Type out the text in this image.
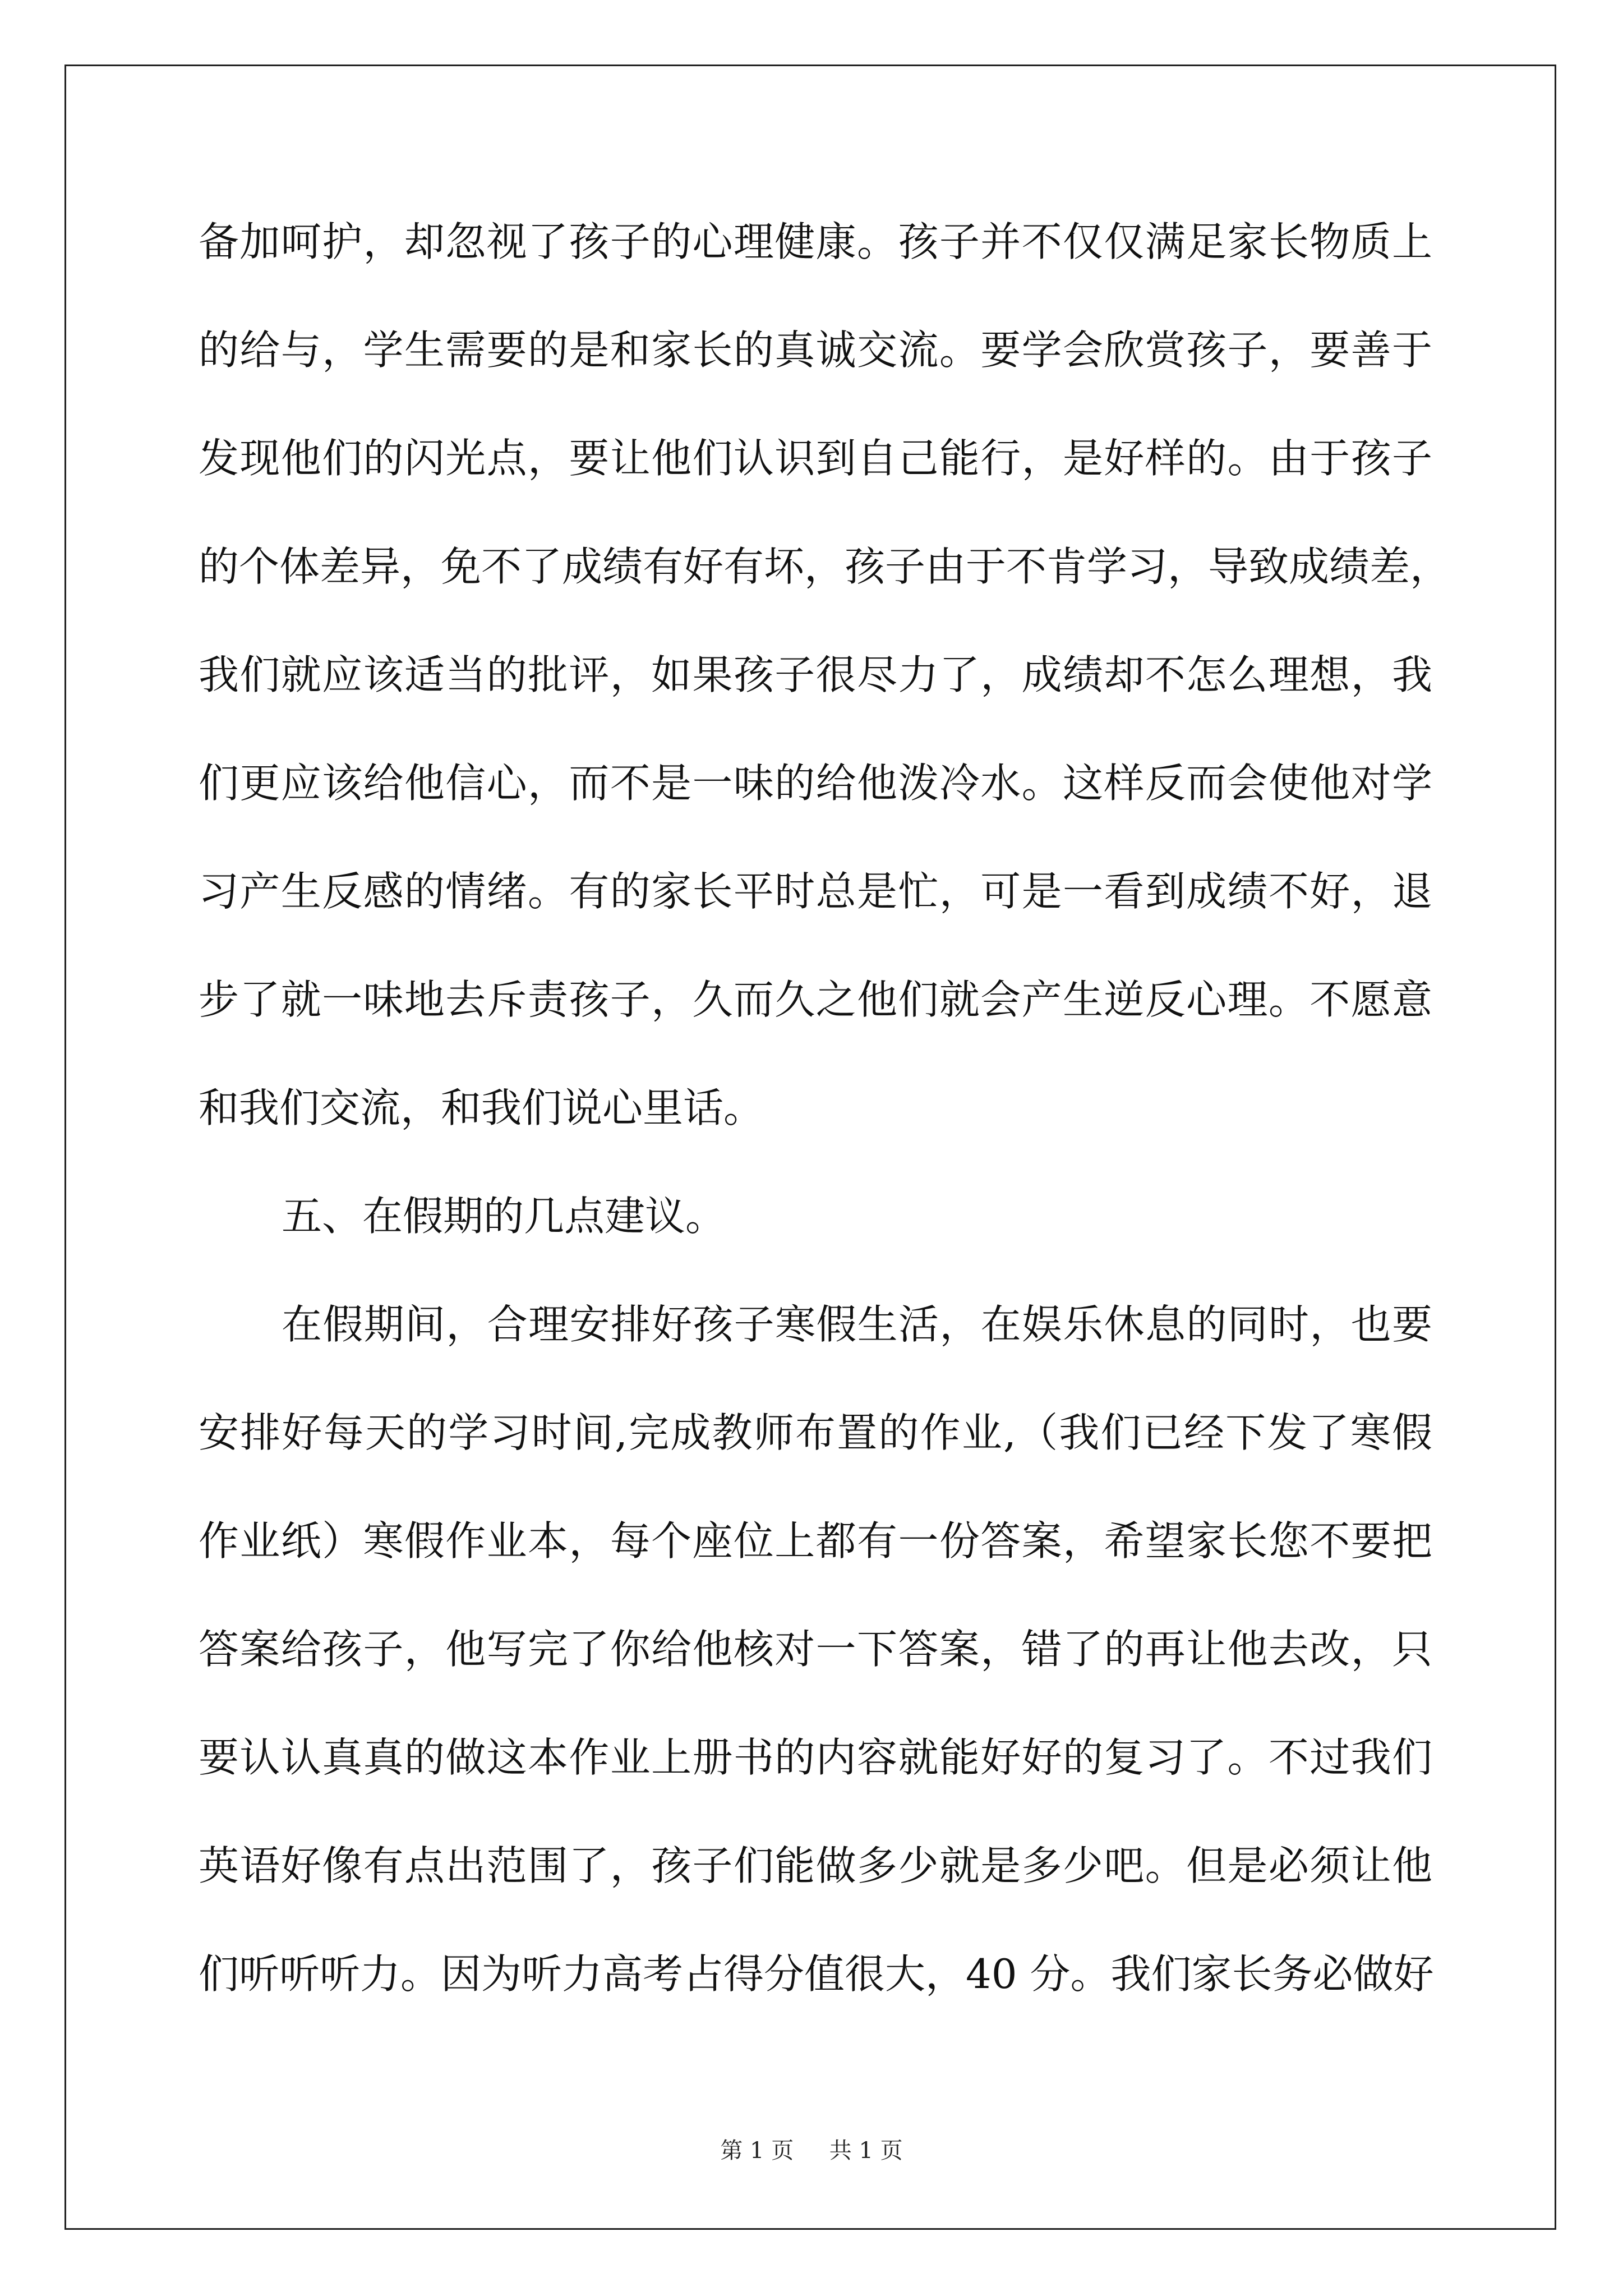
备加呵护，却忽视了孩子的心理健康。孩子并不仅仅满足家长物质上
的给与，学生需要的是和家长的真诚交流。要学会欣赏孩子，要善于
发现他们的闪光点，要让他们认识到自己能行，是好样的。由于孩子
的个体差异，免不了成绩有好有坏，孩子由于不肯学习，导致成绩差，
我们就应该适当的批评，如果孩子很尽力了，成绩却不怎么理想，我
们更应该给他信心，而不是一味的给他泼冷水。这样反而会使他对学
习产生反感的情绪。有的家长平时总是忙，可是一看到成绩不好，退
步了就一味地去斥责孩子，久而久之他们就会产生逆反心理。不愿意
和我们交流，和我们说心里话。
五、在假期的几点建议。
在假期间，合理安排好孩子寒假生活，在娱乐休息的同时，也要
安排好每天的学习时间,完成教师布置的作业,（我们已经下发了寒假
作业纸）寒假作业本，每个座位上都有一份答案，希望家长您不要把
答案给孩子，他写完了你给他核对一下答案，错了的再让他去改，只
要认认真真的做这本作业上册书的内容就能好好的复习了。不过我们
英语好像有点出范围了，孩子们能做多少就是多少吧。但是必须让他
们听听听力。因为听力高考占得分值很大，40 分。我们家长务必做好
第 1 页 共 1 页
